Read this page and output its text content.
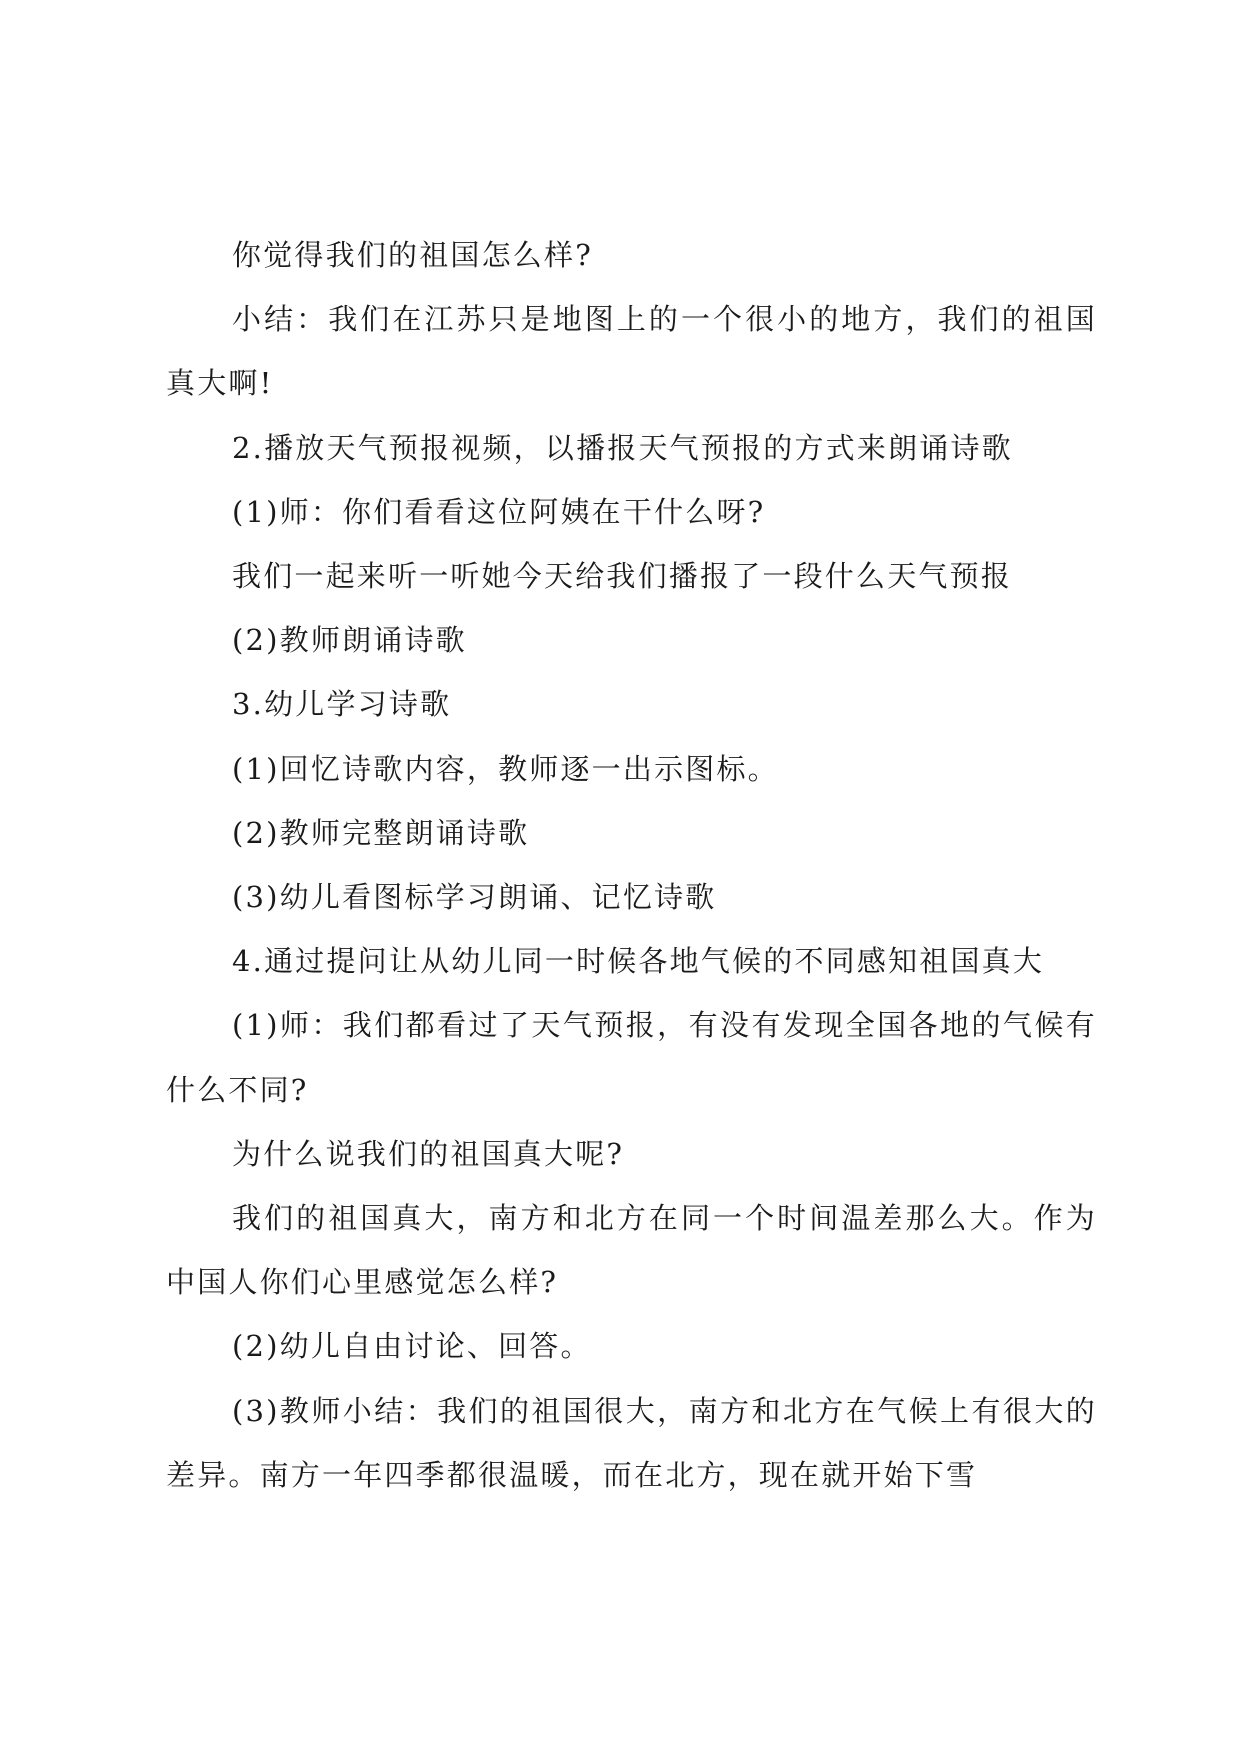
你觉得我们的祖国怎么样?

小结：我们在江苏只是地图上的一个很小的地方，我们的祖国真大啊!

2.播放天气预报视频，以播报天气预报的方式来朗诵诗歌

(1)师：你们看看这位阿姨在干什么呀?

我们一起来听一听她今天给我们播报了一段什么天气预报

(2)教师朗诵诗歌

3.幼儿学习诗歌

(1)回忆诗歌内容，教师逐一出示图标。

(2)教师完整朗诵诗歌

(3)幼儿看图标学习朗诵、记忆诗歌

4.通过提问让从幼儿同一时候各地气候的不同感知祖国真大

(1)师：我们都看过了天气预报，有没有发现全国各地的气候有什么不同?

为什么说我们的祖国真大呢?

我们的祖国真大，南方和北方在同一个时间温差那么大。作为中国人你们心里感觉怎么样?

(2)幼儿自由讨论、回答。

(3)教师小结：我们的祖国很大，南方和北方在气候上有很大的差异。南方一年四季都很温暖，而在北方，现在就开始下雪
